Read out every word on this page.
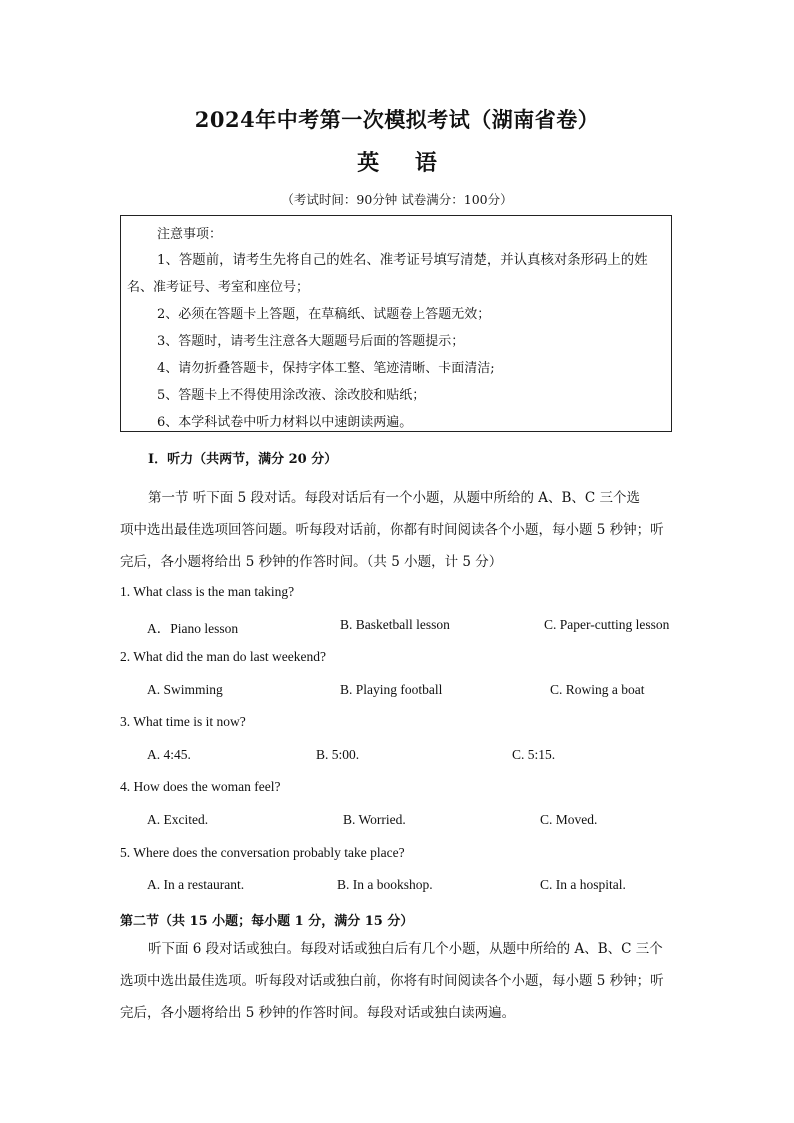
2024年中考第一次模拟考试（湖南省卷）
英 语
（考试时间：90分钟 试卷满分：100分）
注意事项：
1、答题前，请考生先将自己的姓名、准考证号填写清楚，并认真核对条形码上的姓
名、准考证号、考室和座位号；
2、必须在答题卡上答题，在草稿纸、试题卷上答题无效；
3、答题时，请考生注意各大题题号后面的答题提示；
4、请勿折叠答题卡，保持字体工整、笔迹清晰、卡面清洁;
5、答题卡上不得使用涂改液、涂改胶和贴纸；
6、本学科试卷中听力材料以中速朗读两遍。
I．听力（共两节，满分 20 分）
第一节 听下面 5 段对话。每段对话后有一个小题，从题中所给的 A、B、C 三个选
项中选出最佳选项回答问题。听每段对话前，你都有时间阅读各个小题，每小题 5 秒钟；听
完后，各小题将给出 5 秒钟的作答时间。（共 5 小题，计 5 分）
1. What class is the man taking?
A．Piano lesson	B. Basketball lesson	C. Paper-cutting lesson
2. What did the man do last weekend?
A. Swimming	B. Playing football	C. Rowing a boat
3. What time is it now?
A. 4:45.	B. 5:00.	C. 5:15.
4. How does the woman feel?
A. Excited.	B. Worried.	C. Moved.
5. Where does the conversation probably take place?
A. In a restaurant.	B. In a bookshop.	C. In a hospital.
第二节（共 15 小题；每小题 1 分，满分 15 分）
听下面 6 段对话或独白。每段对话或独白后有几个小题，从题中所给的 A、B、C 三个
选项中选出最佳选项。听每段对话或独白前，你将有时间阅读各个小题，每小题 5 秒钟；听
完后，各小题将给出 5 秒钟的作答时间。每段对话或独白读两遍。
